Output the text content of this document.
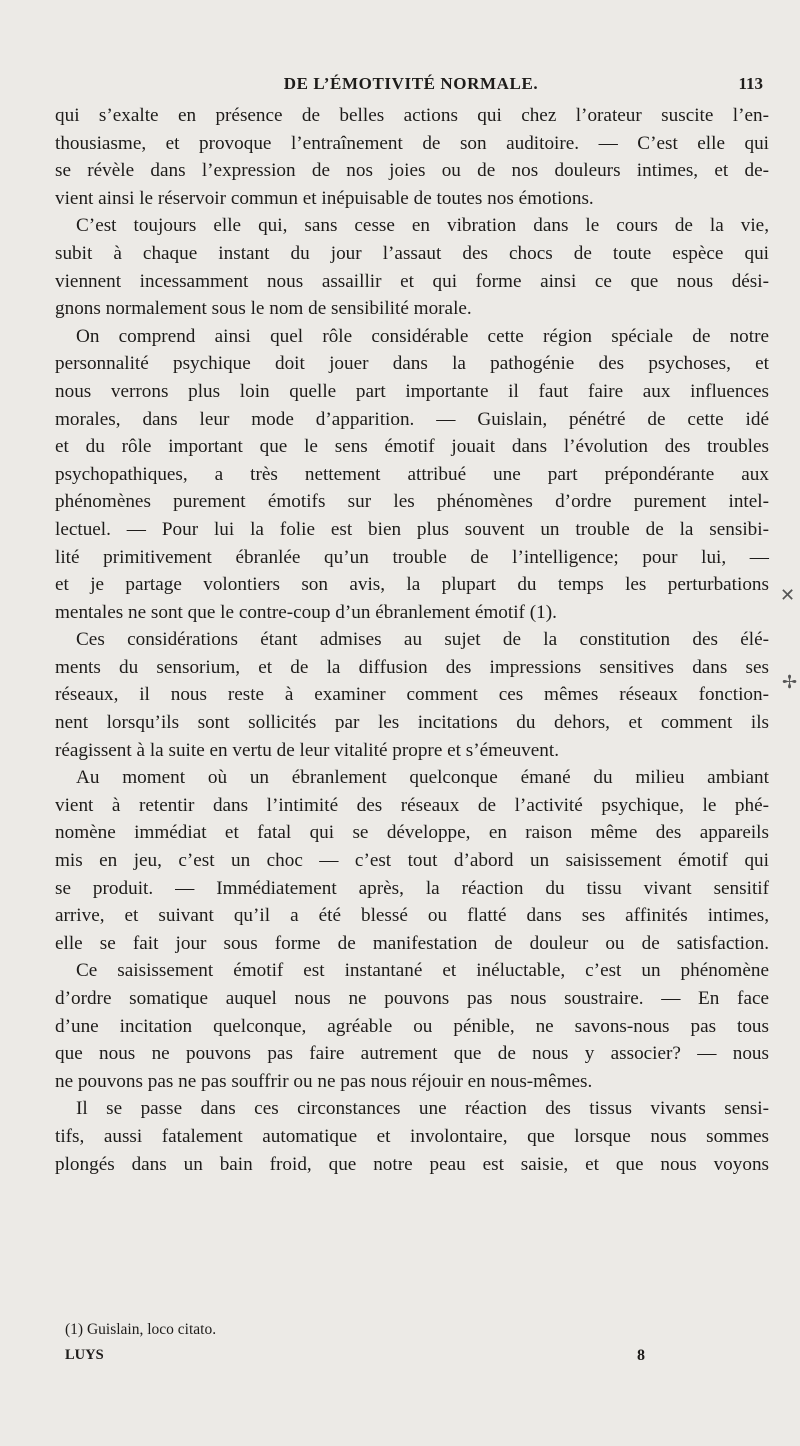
DE L’ÉMOTIVITÉ NORMALE.	113
qui s’exalte en présence de belles actions qui chez l’orateur suscite l’en-
thousiasme, et provoque l’entraînement de son auditoire. — C’est elle qui
se révèle dans l’expression de nos joies ou de nos douleurs intimes, et de-
vient ainsi le réservoir commun et inépuisable de toutes nos émotions.
C’est toujours elle qui, sans cesse en vibration dans le cours de la vie,
subit à chaque instant du jour l’assaut des chocs de toute espèce qui
viennent incessamment nous assaillir et qui forme ainsi ce que nous dési-
gnons normalement sous le nom de sensibilité morale.
On comprend ainsi quel rôle considérable cette région spéciale de notre
personnalité psychique doit jouer dans la pathogénie des psychoses, et
nous verrons plus loin quelle part importante il faut faire aux influences
morales, dans leur mode d’apparition. — Guislain, pénétré de cette idé
et du rôle important que le sens émotif jouait dans l’évolution des troubles
psychopathiques, a très nettement attribué une part prépondérante aux
phénomènes purement émotifs sur les phénomènes d’ordre purement intel-
lectuel. — Pour lui la folie est bien plus souvent un trouble de la sensibi-
lité primitivement ébranlée qu’un trouble de l’intelligence; pour lui, —
et je partage volontiers son avis, la plupart du temps les perturbations
mentales ne sont que le contre-coup d’un ébranlement émotif (1).
Ces considérations étant admises au sujet de la constitution des élé-
ments du sensorium, et de la diffusion des impressions sensitives dans ses
réseaux, il nous reste à examiner comment ces mêmes réseaux fonction-
nent lorsqu’ils sont sollicités par les incitations du dehors, et comment ils
réagissent à la suite en vertu de leur vitalité propre et s’émeuvent.
Au moment où un ébranlement quelconque émané du milieu ambiant
vient à retentir dans l’intimité des réseaux de l’activité psychique, le phé-
nomène immédiat et fatal qui se développe, en raison même des appareils
mis en jeu, c’est un choc — c’est tout d’abord un saisissement émotif qui
se produit. — Immédiatement après, la réaction du tissu vivant sensitif
arrive, et suivant qu’il a été blessé ou flatté dans ses affinités intimes,
elle se fait jour sous forme de manifestation de douleur ou de satisfaction.
Ce saisissement émotif est instantané et inéluctable, c’est un phénomène
d’ordre somatique auquel nous ne pouvons pas nous soustraire. — En face
d’une incitation quelconque, agréable ou pénible, ne savons-nous pas tous
que nous ne pouvons pas faire autrement que de nous y associer? — nous
ne pouvons pas ne pas souffrir ou ne pas nous réjouir en nous-mêmes.
Il se passe dans ces circonstances une réaction des tissus vivants sensi-
tifs, aussi fatalement automatique et involontaire, que lorsque nous sommes
plongés dans un bain froid, que notre peau est saisie, et que nous voyons
(1) Guislain, loco citato.
LUYS	8
✕
✢
